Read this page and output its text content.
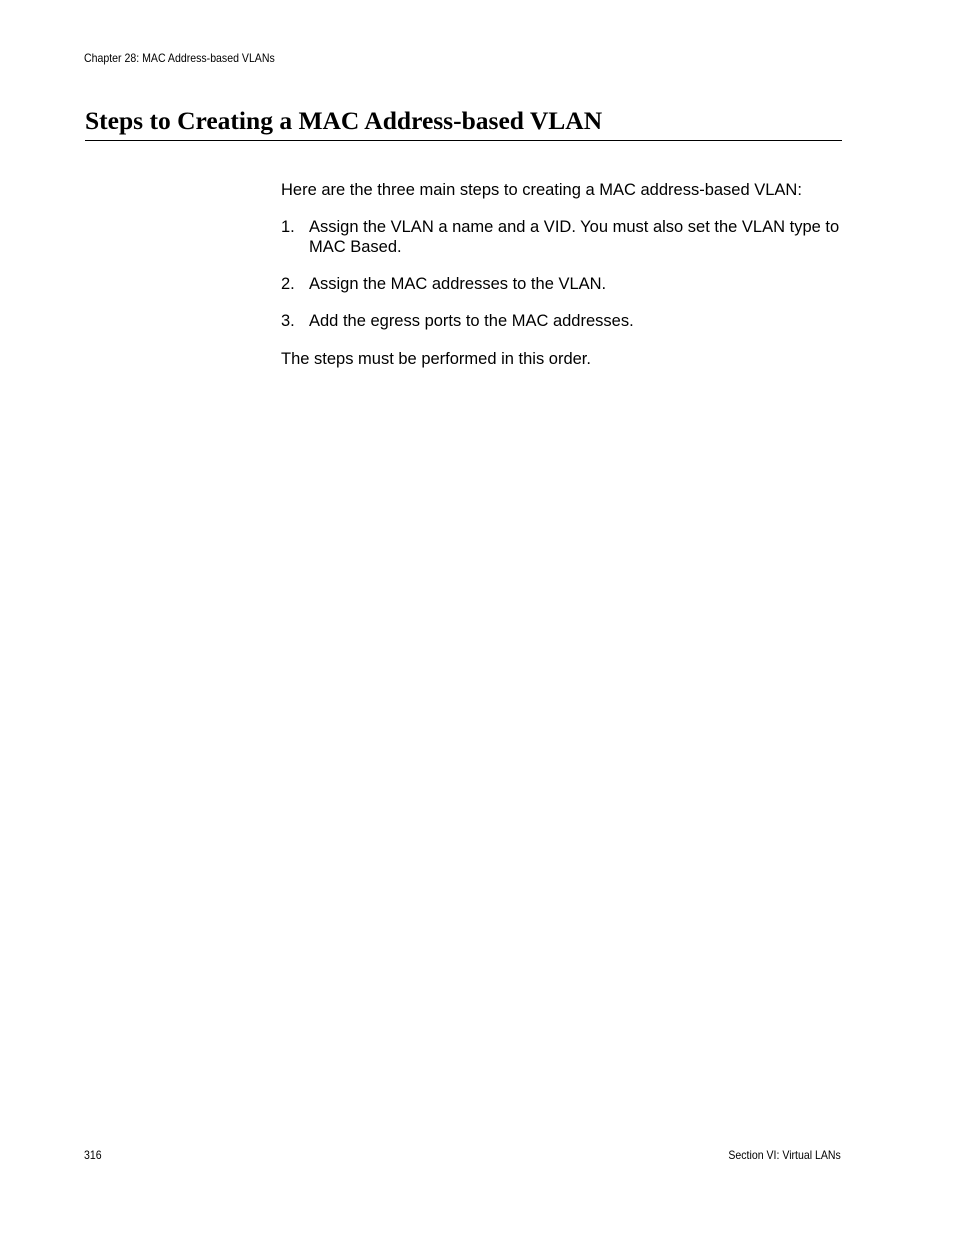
Chapter 28: MAC Address-based VLANs
Steps to Creating a MAC Address-based VLAN

Here are the three main steps to creating a MAC address-based VLAN:

1. Assign the VLAN a name and a VID. You must also set the VLAN type to MAC Based.
2. Assign the MAC addresses to the VLAN.
3. Add the egress ports to the MAC addresses.

The steps must be performed in this order.

316	Section VI: Virtual LANs
